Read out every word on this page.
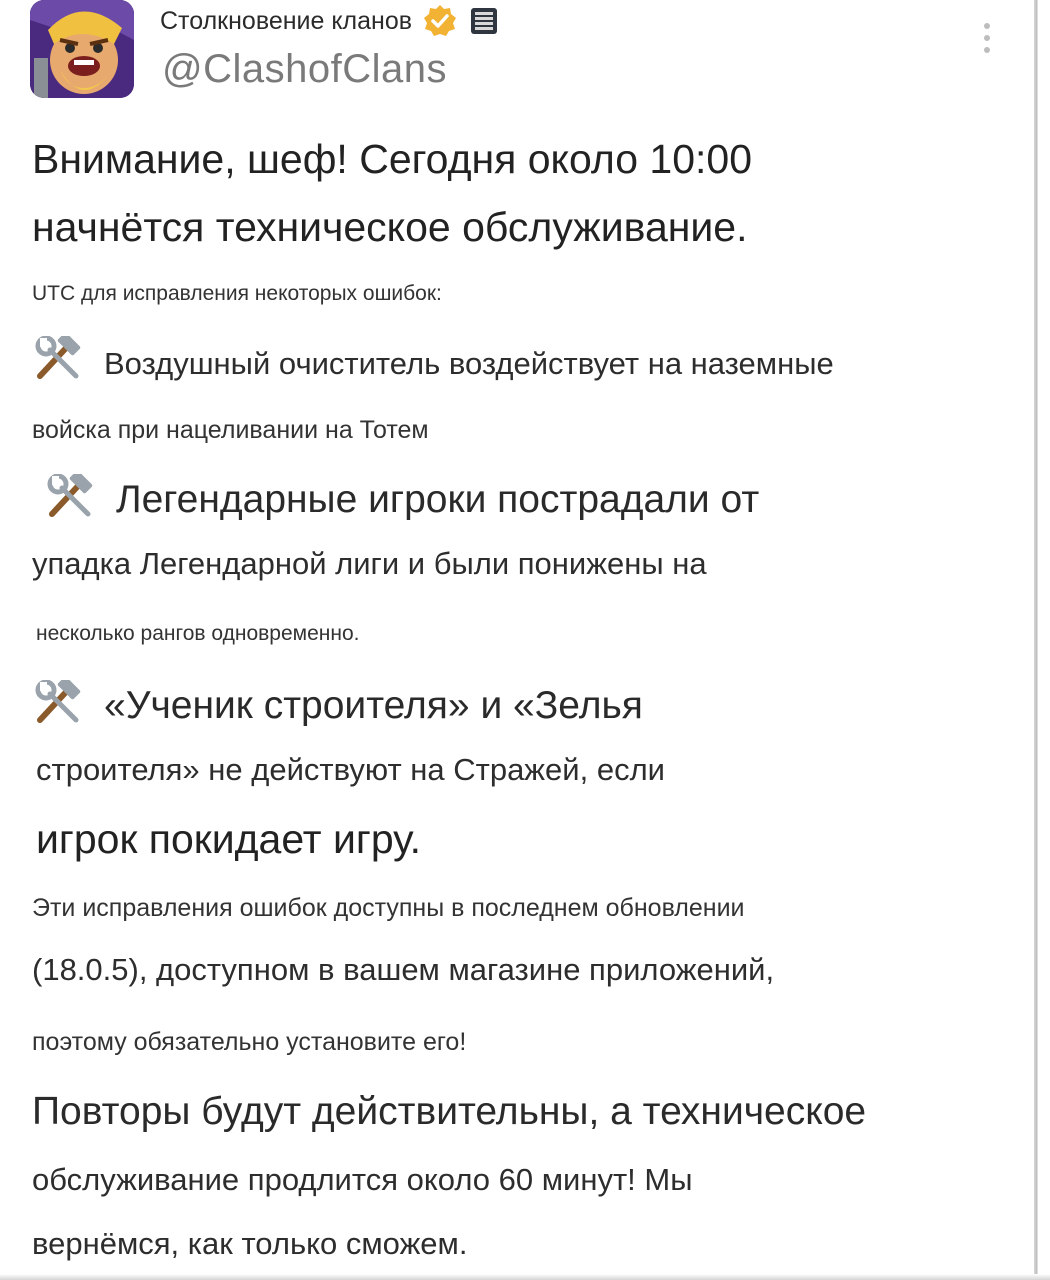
Столкновение кланов
@ClashofClans
Внимание, шеф! Сегодня около 10:00
начнётся техническое обслуживание.
UTC для исправления некоторых ошибок:
Воздушный очиститель воздействует на наземные
войска при нацеливании на Тотем
Легендарные игроки пострадали от
упадка Легендарной лиги и были понижены на
несколько рангов одновременно.
«Ученик строителя» и «Зелья
строителя» не действуют на Стражей, если
игрок покидает игру.
Эти исправления ошибок доступны в последнем обновлении
(18.0.5), доступном в вашем магазине приложений,
поэтому обязательно установите его!
Повторы будут действительны, а техническое
обслуживание продлится около 60 минут! Мы
вернёмся, как только сможем.
